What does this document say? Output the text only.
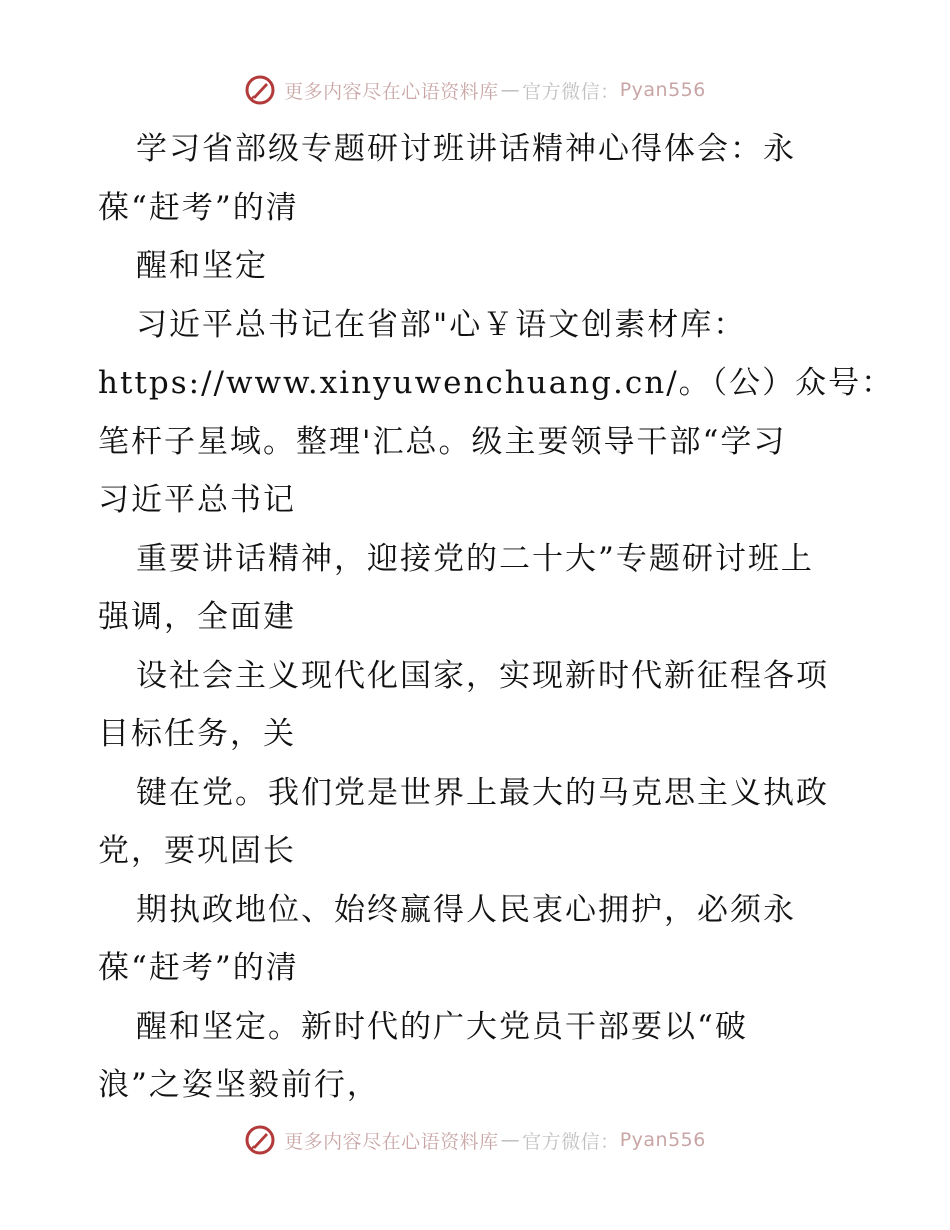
更多内容尽在心语资料库 — 官方微信： Pyan556
学习省部级专题研讨班讲话精神心得体会：永
葆“赶考”的清
醒和坚定
习近平总书记在省部"心￥语文创素材库：
https://www.xinyuwenchuang.cn/。（公）众号：
笔杆子星域。整理'汇总。级主要领导干部“学习
习近平总书记
重要讲话精神，迎接党的二十大”专题研讨班上
强调，全面建
设社会主义现代化国家，实现新时代新征程各项
目标任务，关
键在党。我们党是世界上最大的马克思主义执政
党，要巩固长
期执政地位、始终赢得人民衷心拥护，必须永
葆“赶考”的清
醒和坚定。新时代的广大党员干部要以“破
浪”之姿坚毅前行，
更多内容尽在心语资料库 — 官方微信： Pyan556
